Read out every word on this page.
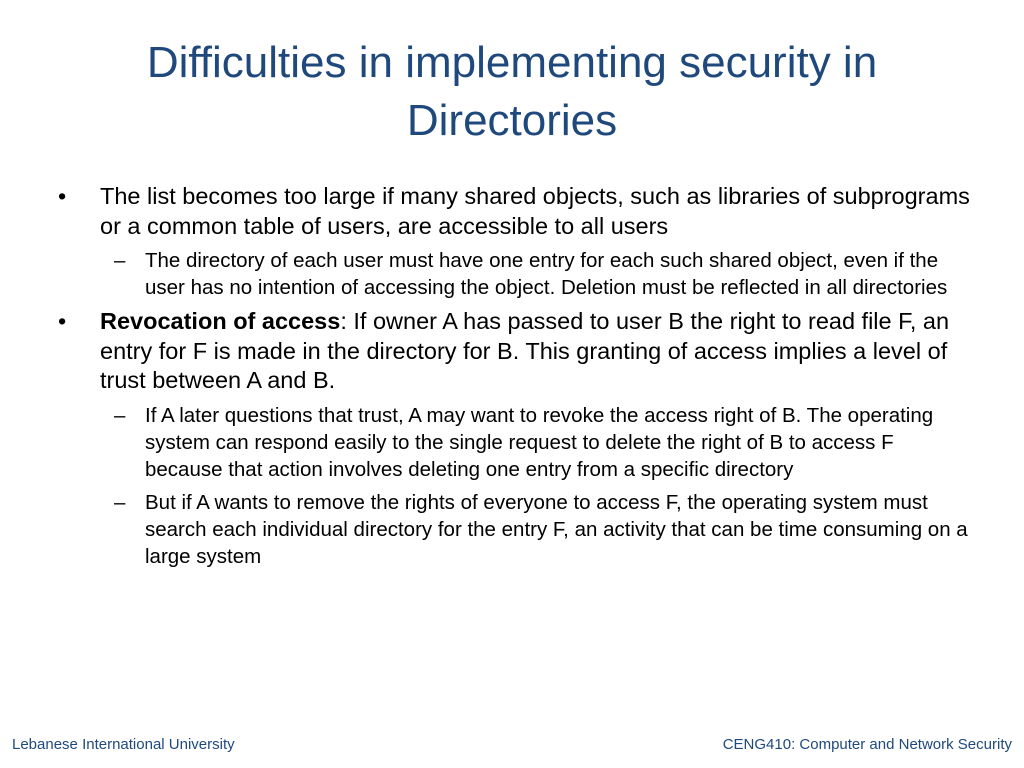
Difficulties in implementing security in
Directories
• The list becomes too large if many shared objects, such as libraries of subprograms or a common table of users, are accessible to all users
– The directory of each user must have one entry for each such shared object, even if the user has no intention of accessing the object. Deletion must be reflected in all directories
• Revocation of access: If owner A has passed to user B the right to read file F, an entry for F is made in the directory for B. This granting of access implies a level of trust between A and B.
– If A later questions that trust, A may want to revoke the access right of B. The operating system can respond easily to the single request to delete the right of B to access F because that action involves deleting one entry from a specific directory
– But if A wants to remove the rights of everyone to access F, the operating system must search each individual directory for the entry F, an activity that can be time consuming on a large system
Lebanese International University	CENG410: Computer and Network Security
